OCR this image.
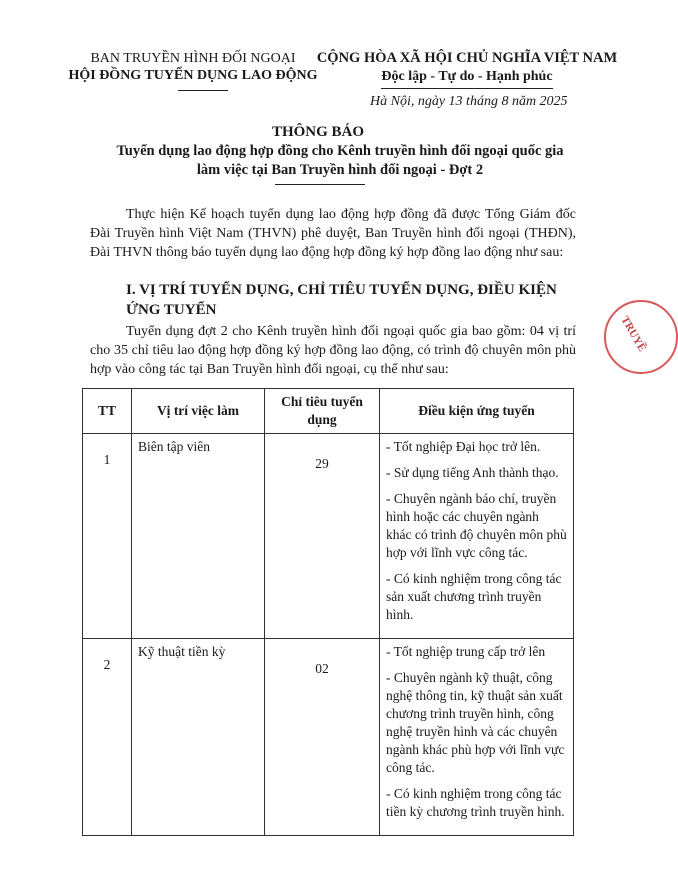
BAN TRUYỀN HÌNH ĐỐI NGOẠI
HỘI ĐỒNG TUYỂN DỤNG LAO ĐỘNG
CỘNG HÒA XÃ HỘI CHỦ NGHĨA VIỆT NAM
Độc lập - Tự do - Hạnh phúc
Hà Nội, ngày 13 tháng 8 năm 2025
THÔNG BÁO
Tuyển dụng lao động hợp đồng cho Kênh truyền hình đối ngoại quốc gia
làm việc tại Ban Truyền hình đối ngoại - Đợt 2
Thực hiện Kế hoạch tuyển dụng lao động hợp đồng đã được Tổng Giám đốc Đài Truyền hình Việt Nam (THVN) phê duyệt, Ban Truyền hình đối ngoại (THĐN), Đài THVN thông báo tuyển dụng lao động hợp đồng ký hợp đồng lao động như sau:
I. VỊ TRÍ TUYỂN DỤNG, CHỈ TIÊU TUYỂN DỤNG, ĐIỀU KIỆN ỨNG TUYỂN
Tuyển dụng đợt 2 cho Kênh truyền hình đối ngoại quốc gia bao gồm: 04 vị trí cho 35 chỉ tiêu lao động hợp đồng ký hợp đồng lao động, có trình độ chuyên môn phù hợp vào công tác tại Ban Truyền hình đối ngoại, cụ thể như sau:
TT	Vị trí việc làm	Chỉ tiêu tuyển dụng	Điều kiện ứng tuyển

1	Biên tập viên	29	- Tốt nghiệp Đại học trở lên.
- Sử dụng tiếng Anh thành thạo.
- Chuyên ngành báo chí, truyền hình hoặc các chuyên ngành khác có trình độ chuyên môn phù hợp với lĩnh vực công tác.
- Có kinh nghiệm trong công tác sản xuất chương trình truyền hình.

2	Kỹ thuật tiền kỳ	02	- Tốt nghiệp trung cấp trở lên
- Chuyên ngành kỹ thuật, công nghệ thông tin, kỹ thuật sản xuất chương trình truyền hình, công nghệ truyền hình và các chuyên ngành khác phù hợp với lĩnh vực công tác.
- Có kinh nghiệm trong công tác tiền kỳ chương trình truyền hình.
TRUYỀ
